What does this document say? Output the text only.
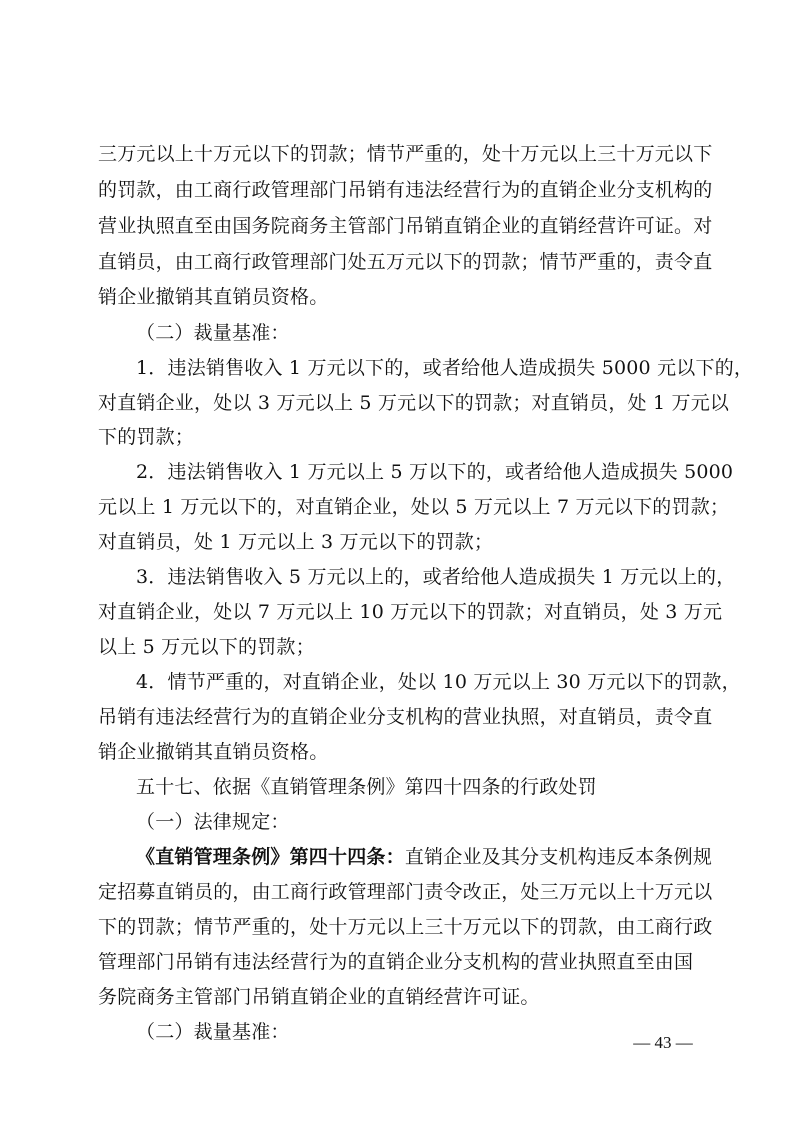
三万元以上十万元以下的罚款；情节严重的，处十万元以上三十万元以下
的罚款，由工商行政管理部门吊销有违法经营行为的直销企业分支机构的
营业执照直至由国务院商务主管部门吊销直销企业的直销经营许可证。对
直销员，由工商行政管理部门处五万元以下的罚款；情节严重的，责令直
销企业撤销其直销员资格。
（二）裁量基准：
1．违法销售收入 1 万元以下的，或者给他人造成损失 5000 元以下的，
对直销企业，处以 3 万元以上 5 万元以下的罚款；对直销员，处 1 万元以
下的罚款；
2．违法销售收入 1 万元以上 5 万以下的，或者给他人造成损失 5000
元以上 1 万元以下的，对直销企业，处以 5 万元以上 7 万元以下的罚款；
对直销员，处 1 万元以上 3 万元以下的罚款；
3．违法销售收入 5 万元以上的，或者给他人造成损失 1 万元以上的，
对直销企业，处以 7 万元以上 10 万元以下的罚款；对直销员，处 3 万元
以上 5 万元以下的罚款；
4．情节严重的，对直销企业，处以 10 万元以上 30 万元以下的罚款，
吊销有违法经营行为的直销企业分支机构的营业执照，对直销员，责令直
销企业撤销其直销员资格。
五十七、依据《直销管理条例》第四十四条的行政处罚
（一）法律规定：
《直销管理条例》第四十四条：直销企业及其分支机构违反本条例规
定招募直销员的，由工商行政管理部门责令改正，处三万元以上十万元以
下的罚款；情节严重的，处十万元以上三十万元以下的罚款，由工商行政
管理部门吊销有违法经营行为的直销企业分支机构的营业执照直至由国
务院商务主管部门吊销直销企业的直销经营许可证。
（二）裁量基准：	— 43 —
